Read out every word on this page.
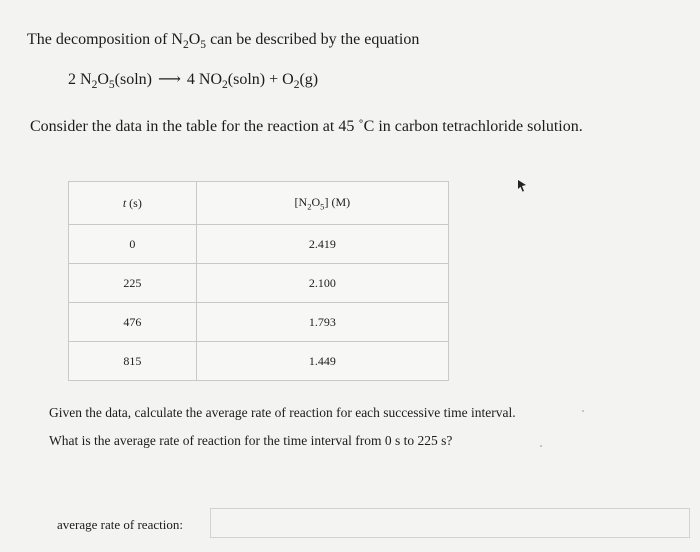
The decomposition of $N_2O_5$ can be described by the equation
2 $N_2O_5(soln)$ ⟶ 4 $NO_2(soln) + O_2(g)$
Consider the data in the table for the reaction at 45 ˚C in carbon tetrachloride solution.
t (s)	$[N_2O_5]$ (M)
0	2.419
225	2.100
476	1.793
815	1.449
Given the data, calculate the average rate of reaction for each successive time interval.
What is the average rate of reaction for the time interval from 0 s to 225 s?
average rate of reaction:
